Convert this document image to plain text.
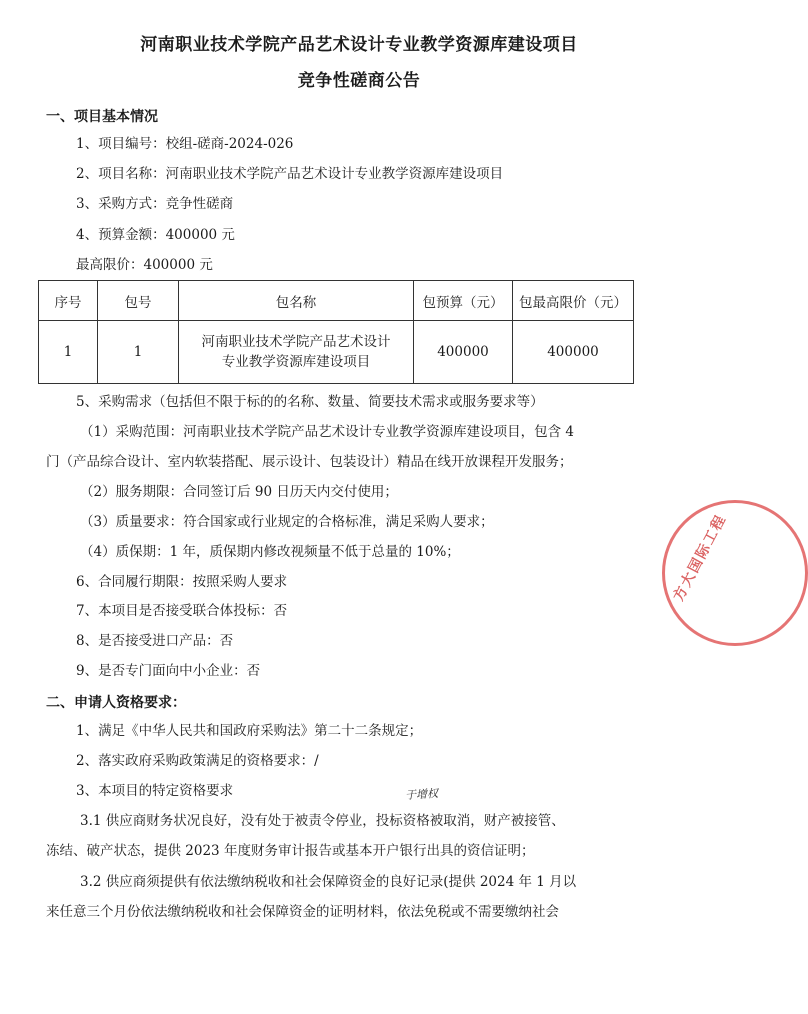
河南职业技术学院产品艺术设计专业教学资源库建设项目
竞争性磋商公告
一、项目基本情况
1、项目编号：校组-磋商-2024-026
2、项目名称：河南职业技术学院产品艺术设计专业教学资源库建设项目
3、采购方式：竞争性磋商
4、预算金额：400000 元
最高限价：400000 元
序号	包号	包名称	包预算（元）	包最高限价（元）
1	1	河南职业技术学院产品艺术设计
专业教学资源库建设项目	400000	400000
5、采购需求（包括但不限于标的的名称、数量、简要技术需求或服务要求等）
（1）采购范围：河南职业技术学院产品艺术设计专业教学资源库建设项目，包含 4
门（产品综合设计、室内软装搭配、展示设计、包装设计）精品在线开放课程开发服务；
（2）服务期限：合同签订后 90 日历天内交付使用；
（3）质量要求：符合国家或行业规定的合格标准，满足采购人要求；
（4）质保期：1 年，质保期内修改视频量不低于总量的 10%；
6、合同履行期限：按照采购人要求
7、本项目是否接受联合体投标：否
8、是否接受进口产品：否
9、是否专门面向中小企业：否
二、申请人资格要求：
1、满足《中华人民共和国政府采购法》第二十二条规定；
2、落实政府采购政策满足的资格要求：/
3、本项目的特定资格要求
3.1 供应商财务状况良好，没有处于被责令停业，投标资格被取消，财产被接管、
冻结、破产状态，提供 2023 年度财务审计报告或基本开户银行出具的资信证明；
3.2 供应商须提供有依法缴纳税收和社会保障资金的良好记录(提供 2024 年 1 月以
来任意三个月份依法缴纳税收和社会保障资金的证明材料，依法免税或不需要缴纳社会
于增权
方大国际工程
